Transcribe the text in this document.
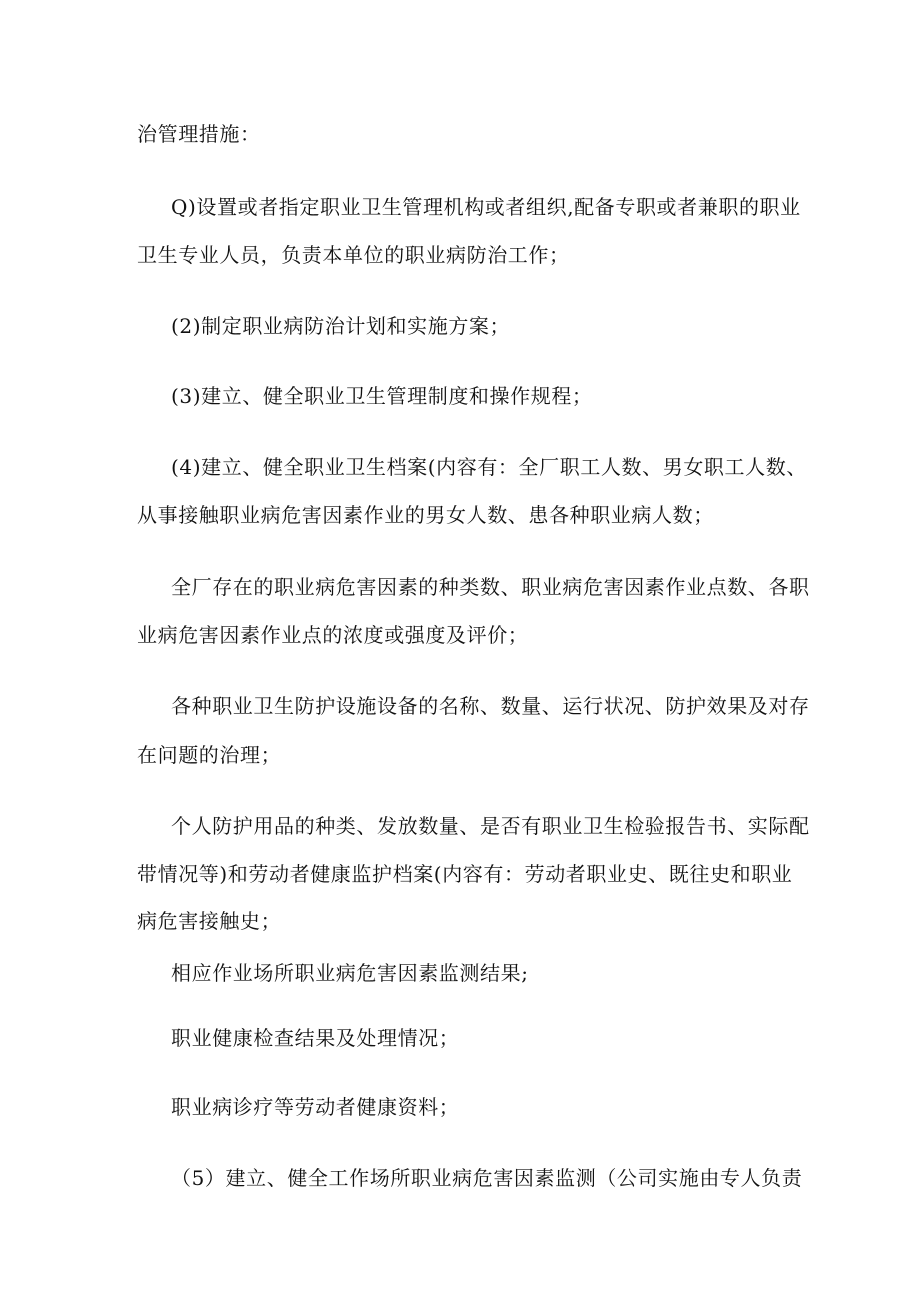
治管理措施：
Q)设置或者指定职业卫生管理机构或者组织,配备专职或者兼职的职业
卫生专业人员，负责本单位的职业病防治工作；
(2)制定职业病防治计划和实施方案；
(3)建立、健全职业卫生管理制度和操作规程；
(4)建立、健全职业卫生档案(内容有：全厂职工人数、男女职工人数、
从事接触职业病危害因素作业的男女人数、患各种职业病人数；
全厂存在的职业病危害因素的种类数、职业病危害因素作业点数、各职
业病危害因素作业点的浓度或强度及评价；
各种职业卫生防护设施设备的名称、数量、运行状况、防护效果及对存
在问题的治理；
个人防护用品的种类、发放数量、是否有职业卫生检验报告书、实际配
带情况等)和劳动者健康监护档案(内容有：劳动者职业史、既往史和职业
病危害接触史；
相应作业场所职业病危害因素监测结果;
职业健康检查结果及处理情况；
职业病诊疗等劳动者健康资料；
（5）建立、健全工作场所职业病危害因素监测（公司实施由专人负责
